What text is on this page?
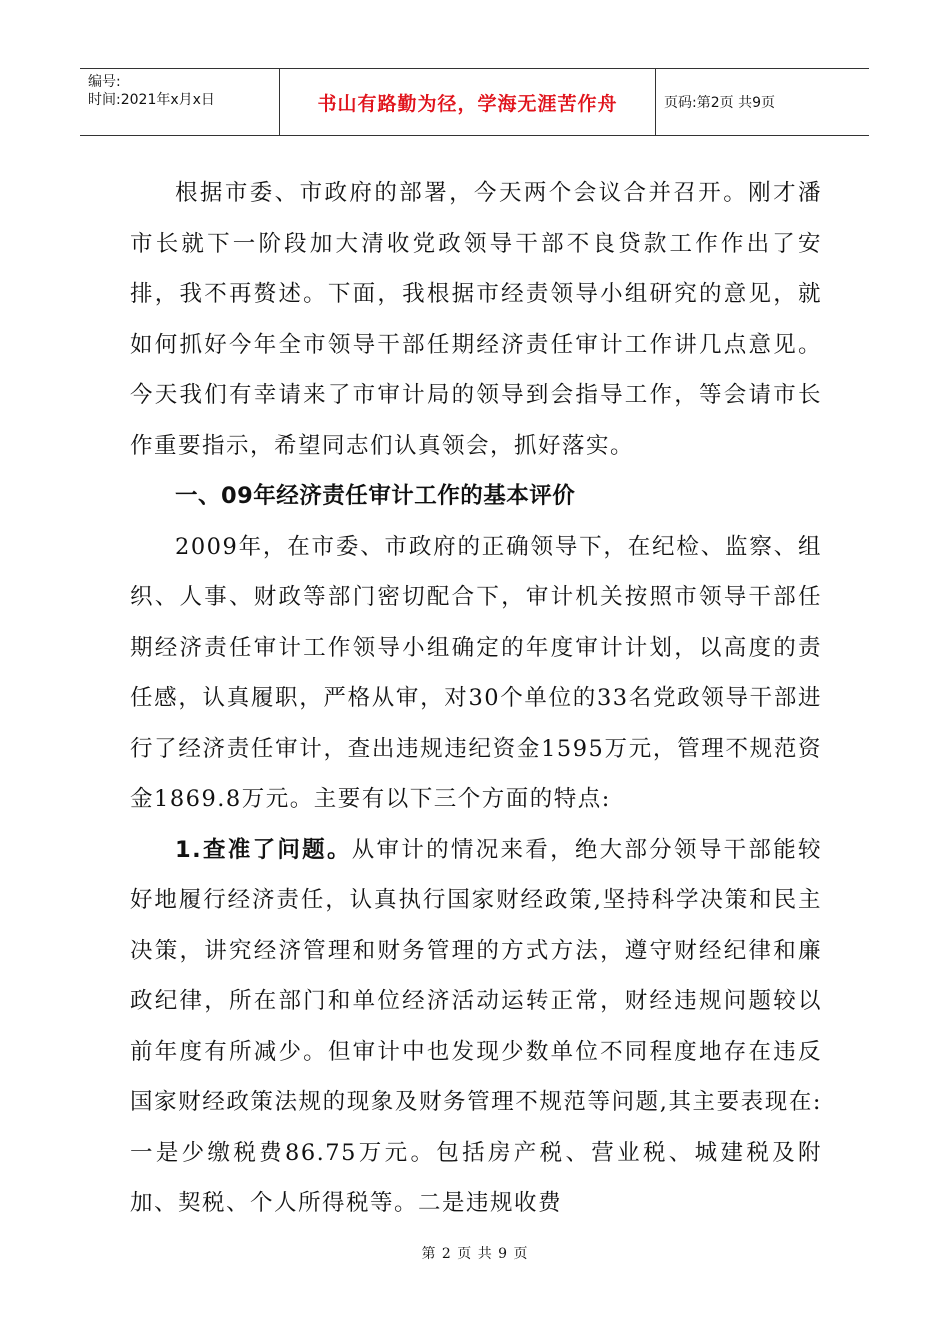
编号:
时间:2021年x月x日	书山有路勤为径，学海无涯苦作舟	页码:第2页 共9页

根据市委、市政府的部署，今天两个会议合并召开。刚才潘市长就下一阶段加大清收党政领导干部不良贷款工作作出了安排，我不再赘述。下面，我根据市经责领导小组研究的意见，就如何抓好今年全市领导干部任期经济责任审计工作讲几点意见。今天我们有幸请来了市审计局的领导到会指导工作，等会请市长作重要指示，希望同志们认真领会，抓好落实。

一、09年经济责任审计工作的基本评价

2009年，在市委、市政府的正确领导下，在纪检、监察、组织、人事、财政等部门密切配合下，审计机关按照市领导干部任期经济责任审计工作领导小组确定的年度审计计划，以高度的责任感，认真履职，严格从审，对30个单位的33名党政领导干部进行了经济责任审计，查出违规违纪资金1595万元，管理不规范资金1869.8万元。主要有以下三个方面的特点:

1.查准了问题。从审计的情况来看，绝大部分领导干部能较好地履行经济责任，认真执行国家财经政策,坚持科学决策和民主决策，讲究经济管理和财务管理的方式方法，遵守财经纪律和廉政纪律，所在部门和单位经济活动运转正常，财经违规问题较以前年度有所减少。但审计中也发现少数单位不同程度地存在违反国家财经政策法规的现象及财务管理不规范等问题,其主要表现在:一是少缴税费86.75万元。包括房产税、营业税、城建税及附加、契税、个人所得税等。二是违规收费

第 2 页 共 9 页
